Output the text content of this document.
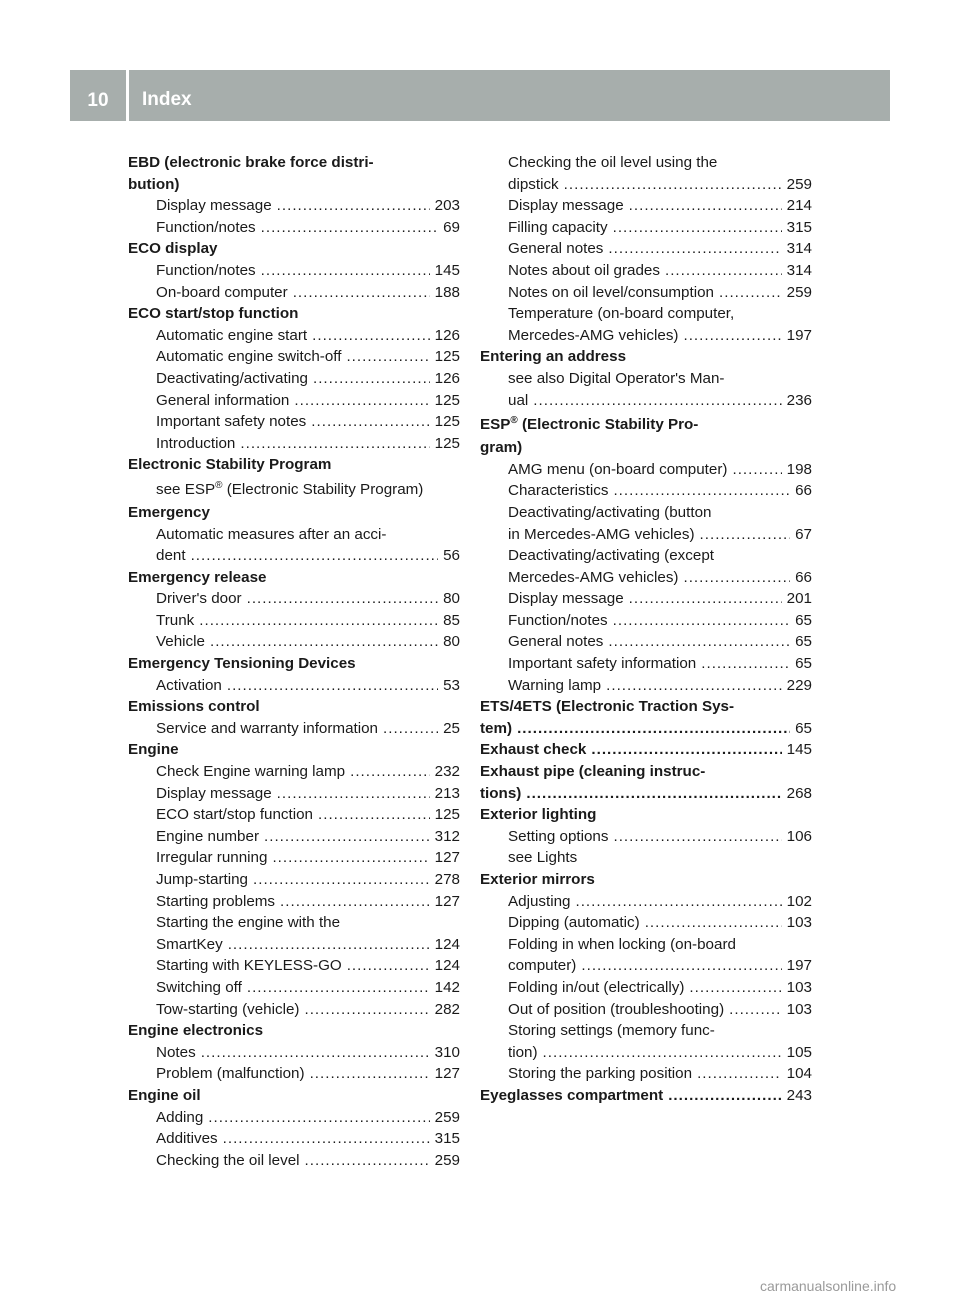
10	Index
EBD (electronic brake force distri-
bution)
Display message .....	203
Function/notes .....	69
ECO display
Function/notes .....	145
On-board computer .....	188
ECO start/stop function
Automatic engine start .....	126
Automatic engine switch-off .....	125
Deactivating/activating .....	126
General information .....	125
Important safety notes .....	125
Introduction .....	125
Electronic Stability Program
see ESP® (Electronic Stability Program)
Emergency
Automatic measures after an acci-
dent .....	56
Emergency release
Driver's door .....	80
Trunk .....	85
Vehicle .....	80
Emergency Tensioning Devices
Activation .....	53
Emissions control
Service and warranty information .....	25
Engine
Check Engine warning lamp .....	232
Display message .....	213
ECO start/stop function .....	125
Engine number .....	312
Irregular running .....	127
Jump-starting .....	278
Starting problems .....	127
Starting the engine with the
SmartKey .....	124
Starting with KEYLESS-GO .....	124
Switching off .....	142
Tow-starting (vehicle) .....	282
Engine electronics
Notes .....	310
Problem (malfunction) .....	127
Engine oil
Adding .....	259
Additives .....	315
Checking the oil level .....	259
Checking the oil level using the
dipstick .....	259
Display message .....	214
Filling capacity .....	315
General notes .....	314
Notes about oil grades .....	314
Notes on oil level/consumption .....	259
Temperature (on-board computer,
Mercedes-AMG vehicles) .....	197
Entering an address
see also Digital Operator's Man-
ual .....	236
ESP® (Electronic Stability Pro-
gram)
AMG menu (on-board computer) .....	198
Characteristics .....	66
Deactivating/activating (button
in Mercedes-AMG vehicles) .....	67
Deactivating/activating (except
Mercedes-AMG vehicles) .....	66
Display message .....	201
Function/notes .....	65
General notes .....	65
Important safety information .....	65
Warning lamp .....	229
ETS/4ETS (Electronic Traction Sys-
tem) .....	65
Exhaust check .....	145
Exhaust pipe (cleaning instruc-
tions) .....	268
Exterior lighting
Setting options .....	106
see Lights
Exterior mirrors
Adjusting .....	102
Dipping (automatic) .....	103
Folding in when locking (on-board
computer) .....	197
Folding in/out (electrically) .....	103
Out of position (troubleshooting) .....	103
Storing settings (memory func-
tion) .....	105
Storing the parking position .....	104
Eyeglasses compartment .....	243
carmanualsonline.info
